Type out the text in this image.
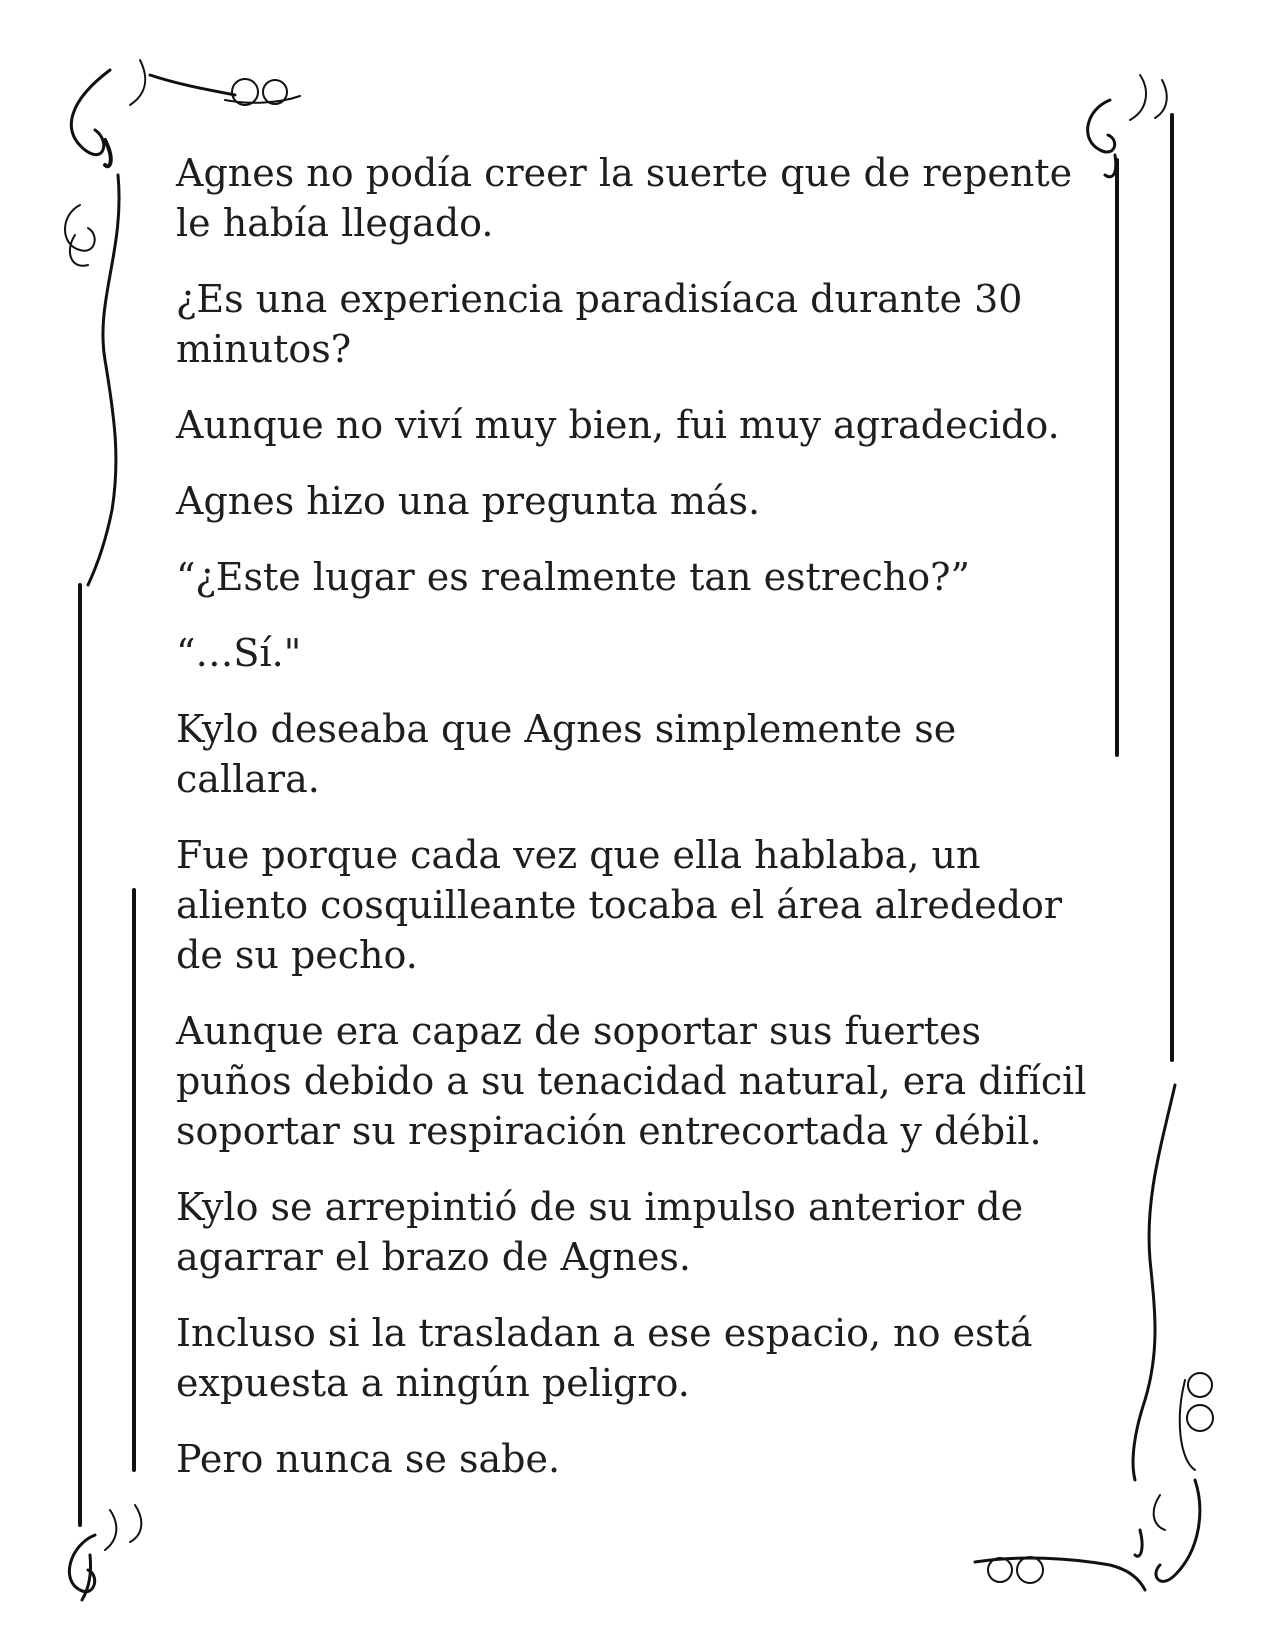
Agnes no podía creer la suerte que de repente le había llegado.

¿Es una experiencia paradisíaca durante 30 minutos?

Aunque no viví muy bien, fui muy agradecido.

Agnes hizo una pregunta más.

“¿Este lugar es realmente tan estrecho?”

“…Sí."

Kylo deseaba que Agnes simplemente se callara.

Fue porque cada vez que ella hablaba, un aliento cosquilleante tocaba el área alrededor de su pecho.

Aunque era capaz de soportar sus fuertes puños debido a su tenacidad natural, era difícil soportar su respiración entrecortada y débil.

Kylo se arrepintió de su impulso anterior de agarrar el brazo de Agnes.

Incluso si la trasladan a ese espacio, no está expuesta a ningún peligro.

Pero nunca se sabe.
